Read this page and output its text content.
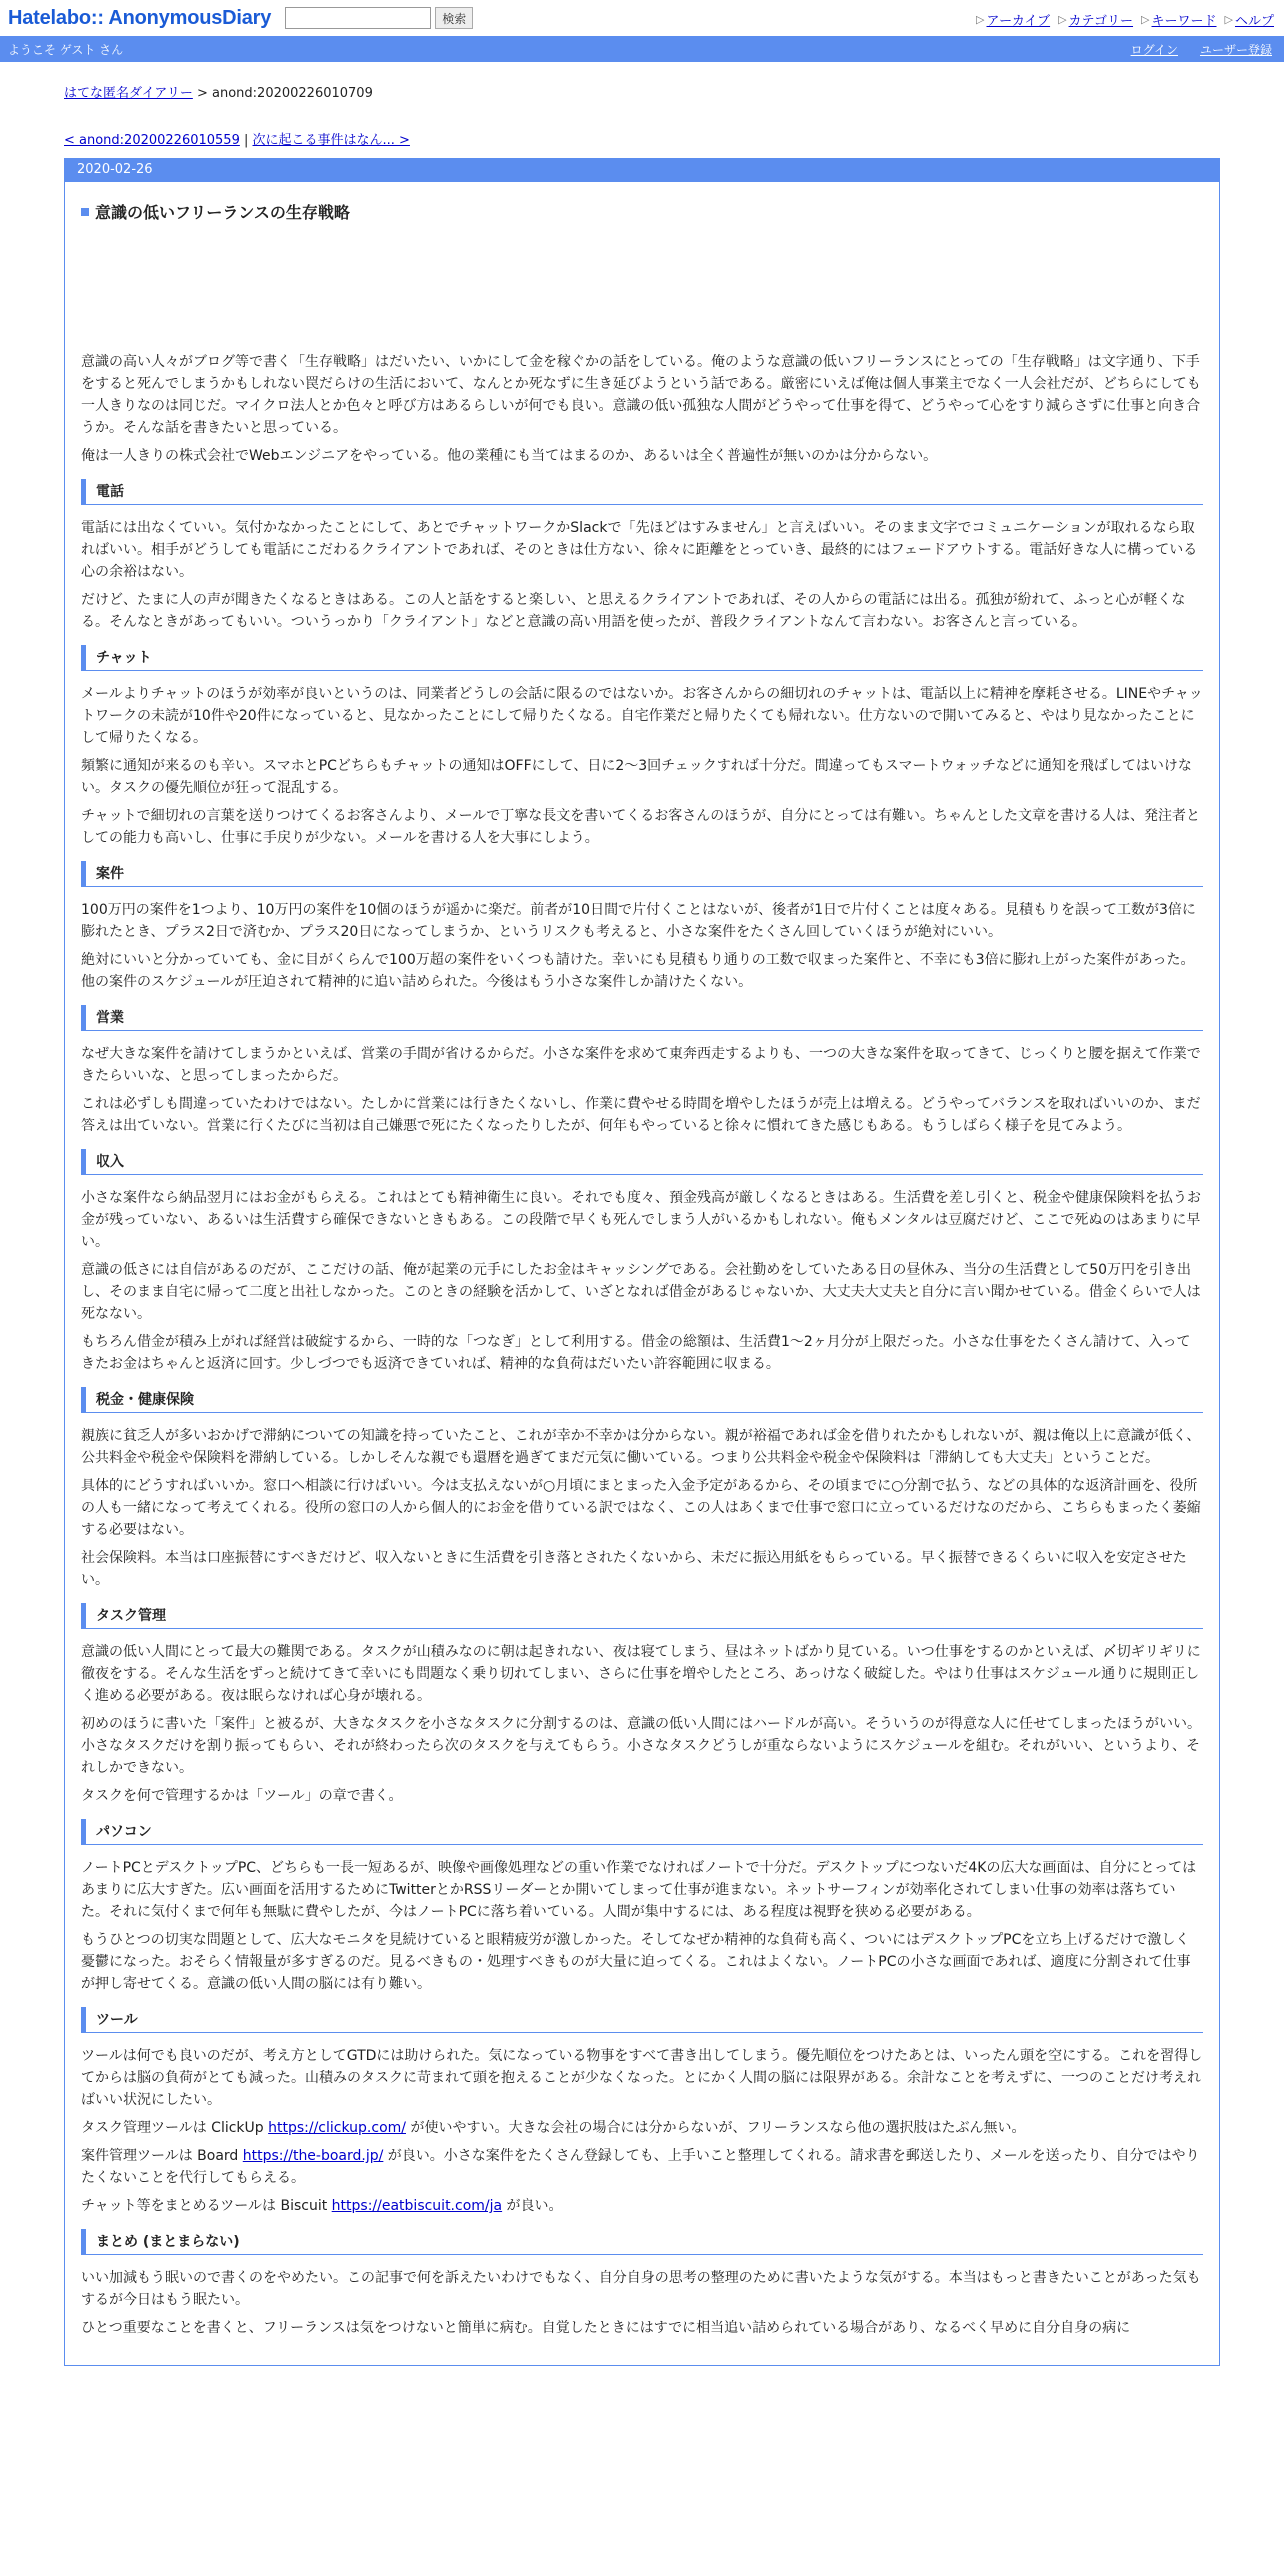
Hatelabo:: AnonymousDiary	検索	▷ アーカイブ ▷ カテゴリー ▷ キーワード ▷ ヘルプ
ようこそ ゲスト さん	ログイン ユーザー登録
はてな匿名ダイアリー > anond:20200226010709
< anond:20200226010559 | 次に起こる事件はなん... >
2020-02-26
意識の低いフリーランスの生存戦略

意識の高い人々がブログ等で書く「生存戦略」はだいたい、いかにして金を稼ぐかの話をしている。俺のような意識の低いフリーランスにとっての「生存戦略」は文字通り、下手をすると死んでしまうかもしれない罠だらけの生活において、なんとか死なずに生き延びようという話である。厳密にいえば俺は個人事業主でなく一人会社だが、どちらにしても一人きりなのは同じだ。マイクロ法人とか色々と呼び方はあるらしいが何でも良い。意識の低い孤独な人間がどうやって仕事を得て、どうやって心をすり減らさずに仕事と向き合うか。そんな話を書きたいと思っている。

俺は一人きりの株式会社でWebエンジニアをやっている。他の業種にも当てはまるのか、あるいは全く普遍性が無いのかは分からない。

電話

電話には出なくていい。気付かなかったことにして、あとでチャットワークかSlackで「先ほどはすみません」と言えばいい。そのまま文字でコミュニケーションが取れるなら取ればいい。相手がどうしても電話にこだわるクライアントであれば、そのときは仕方ない、徐々に距離をとっていき、最終的にはフェードアウトする。電話好きな人に構っている心の余裕はない。

だけど、たまに人の声が聞きたくなるときはある。この人と話をすると楽しい、と思えるクライアントであれば、その人からの電話には出る。孤独が紛れて、ふっと心が軽くなる。そんなときがあってもいい。ついうっかり「クライアント」などと意識の高い用語を使ったが、普段クライアントなんて言わない。お客さんと言っている。

チャット

メールよりチャットのほうが効率が良いというのは、同業者どうしの会話に限るのではないか。お客さんからの細切れのチャットは、電話以上に精神を摩耗させる。LINEやチャットワークの未読が10件や20件になっていると、見なかったことにして帰りたくなる。自宅作業だと帰りたくても帰れない。仕方ないので開いてみると、やはり見なかったことにして帰りたくなる。

頻繁に通知が来るのも辛い。スマホとPCどちらもチャットの通知はOFFにして、日に2～3回チェックすれば十分だ。間違ってもスマートウォッチなどに通知を飛ばしてはいけない。タスクの優先順位が狂って混乱する。

チャットで細切れの言葉を送りつけてくるお客さんより、メールで丁寧な長文を書いてくるお客さんのほうが、自分にとっては有難い。ちゃんとした文章を書ける人は、発注者としての能力も高いし、仕事に手戻りが少ない。メールを書ける人を大事にしよう。

案件

100万円の案件を1つより、10万円の案件を10個のほうが遥かに楽だ。前者が10日間で片付くことはないが、後者が1日で片付くことは度々ある。見積もりを誤って工数が3倍に膨れたとき、プラス2日で済むか、プラス20日になってしまうか、というリスクも考えると、小さな案件をたくさん回していくほうが絶対にいい。

絶対にいいと分かっていても、金に目がくらんで100万超の案件をいくつも請けた。幸いにも見積もり通りの工数で収まった案件と、不幸にも3倍に膨れ上がった案件があった。他の案件のスケジュールが圧迫されて精神的に追い詰められた。今後はもう小さな案件しか請けたくない。

営業

なぜ大きな案件を請けてしまうかといえば、営業の手間が省けるからだ。小さな案件を求めて東奔西走するよりも、一つの大きな案件を取ってきて、じっくりと腰を据えて作業できたらいいな、と思ってしまったからだ。

これは必ずしも間違っていたわけではない。たしかに営業には行きたくないし、作業に費やせる時間を増やしたほうが売上は増える。どうやってバランスを取ればいいのか、まだ答えは出ていない。営業に行くたびに当初は自己嫌悪で死にたくなったりしたが、何年もやっていると徐々に慣れてきた感じもある。もうしばらく様子を見てみよう。

収入

小さな案件なら納品翌月にはお金がもらえる。これはとても精神衛生に良い。それでも度々、預金残高が厳しくなるときはある。生活費を差し引くと、税金や健康保険料を払うお金が残っていない、あるいは生活費すら確保できないときもある。この段階で早くも死んでしまう人がいるかもしれない。俺もメンタルは豆腐だけど、ここで死ぬのはあまりに早い。

意識の低さには自信があるのだが、ここだけの話、俺が起業の元手にしたお金はキャッシングである。会社勤めをしていたある日の昼休み、当分の生活費として50万円を引き出し、そのまま自宅に帰って二度と出社しなかった。このときの経験を活かして、いざとなれば借金があるじゃないか、大丈夫大丈夫と自分に言い聞かせている。借金くらいで人は死なない。

もちろん借金が積み上がれば経営は破綻するから、一時的な「つなぎ」として利用する。借金の総額は、生活費1～2ヶ月分が上限だった。小さな仕事をたくさん請けて、入ってきたお金はちゃんと返済に回す。少しづつでも返済できていれば、精神的な負荷はだいたい許容範囲に収まる。

税金・健康保険

親族に貧乏人が多いおかげで滞納についての知識を持っていたこと、これが幸か不幸かは分からない。親が裕福であれば金を借りれたかもしれないが、親は俺以上に意識が低く、公共料金や税金や保険料を滞納している。しかしそんな親でも還暦を過ぎてまだ元気に働いている。つまり公共料金や税金や保険料は「滞納しても大丈夫」ということだ。

具体的にどうすればいいか。窓口へ相談に行けばいい。今は支払えないが○月頃にまとまった入金予定があるから、その頃までに○分割で払う、などの具体的な返済計画を、役所の人も一緒になって考えてくれる。役所の窓口の人から個人的にお金を借りている訳ではなく、この人はあくまで仕事で窓口に立っているだけなのだから、こちらもまったく萎縮する必要はない。

社会保険料。本当は口座振替にすべきだけど、収入ないときに生活費を引き落とされたくないから、未だに振込用紙をもらっている。早く振替できるくらいに収入を安定させたい。

タスク管理

意識の低い人間にとって最大の難関である。タスクが山積みなのに朝は起きれない、夜は寝てしまう、昼はネットばかり見ている。いつ仕事をするのかといえば、〆切ギリギリに徹夜をする。そんな生活をずっと続けてきて幸いにも問題なく乗り切れてしまい、さらに仕事を増やしたところ、あっけなく破綻した。やはり仕事はスケジュール通りに規則正しく進める必要がある。夜は眠らなければ心身が壊れる。

初めのほうに書いた「案件」と被るが、大きなタスクを小さなタスクに分割するのは、意識の低い人間にはハードルが高い。そういうのが得意な人に任せてしまったほうがいい。小さなタスクだけを割り振ってもらい、それが終わったら次のタスクを与えてもらう。小さなタスクどうしが重ならないようにスケジュールを組む。それがいい、というより、それしかできない。

タスクを何で管理するかは「ツール」の章で書く。

パソコン

ノートPCとデスクトップPC、どちらも一長一短あるが、映像や画像処理などの重い作業でなければノートで十分だ。デスクトップにつないだ4Kの広大な画面は、自分にとってはあまりに広大すぎた。広い画面を活用するためにTwitterとかRSSリーダーとか開いてしまって仕事が進まない。ネットサーフィンが効率化されてしまい仕事の効率は落ちていた。それに気付くまで何年も無駄に費やしたが、今はノートPCに落ち着いている。人間が集中するには、ある程度は視野を狭める必要がある。

もうひとつの切実な問題として、広大なモニタを見続けていると眼精疲労が激しかった。そしてなぜか精神的な負荷も高く、ついにはデスクトップPCを立ち上げるだけで激しく憂鬱になった。おそらく情報量が多すぎるのだ。見るべきもの・処理すべきものが大量に迫ってくる。これはよくない。ノートPCの小さな画面であれば、適度に分割されて仕事が押し寄せてくる。意識の低い人間の脳には有り難い。

ツール

ツールは何でも良いのだが、考え方としてGTDには助けられた。気になっている物事をすべて書き出してしまう。優先順位をつけたあとは、いったん頭を空にする。これを習得してからは脳の負荷がとても減った。山積みのタスクに苛まれて頭を抱えることが少なくなった。とにかく人間の脳には限界がある。余計なことを考えずに、一つのことだけ考えればいい状況にしたい。

タスク管理ツールは ClickUp https://clickup.com/ が使いやすい。大きな会社の場合には分からないが、フリーランスなら他の選択肢はたぶん無い。

案件管理ツールは Board https://the-board.jp/ が良い。小さな案件をたくさん登録しても、上手いこと整理してくれる。請求書を郵送したり、メールを送ったり、自分ではやりたくないことを代行してもらえる。

チャット等をまとめるツールは Biscuit https://eatbiscuit.com/ja が良い。

まとめ (まとまらない)

いい加減もう眠いので書くのをやめたい。この記事で何を訴えたいわけでもなく、自分自身の思考の整理のために書いたような気がする。本当はもっと書きたいことがあった気もするが今日はもう眠たい。

ひとつ重要なことを書くと、フリーランスは気をつけないと簡単に病む。自覚したときにはすでに相当追い詰められている場合があり、なるべく早めに自分自身の病に
